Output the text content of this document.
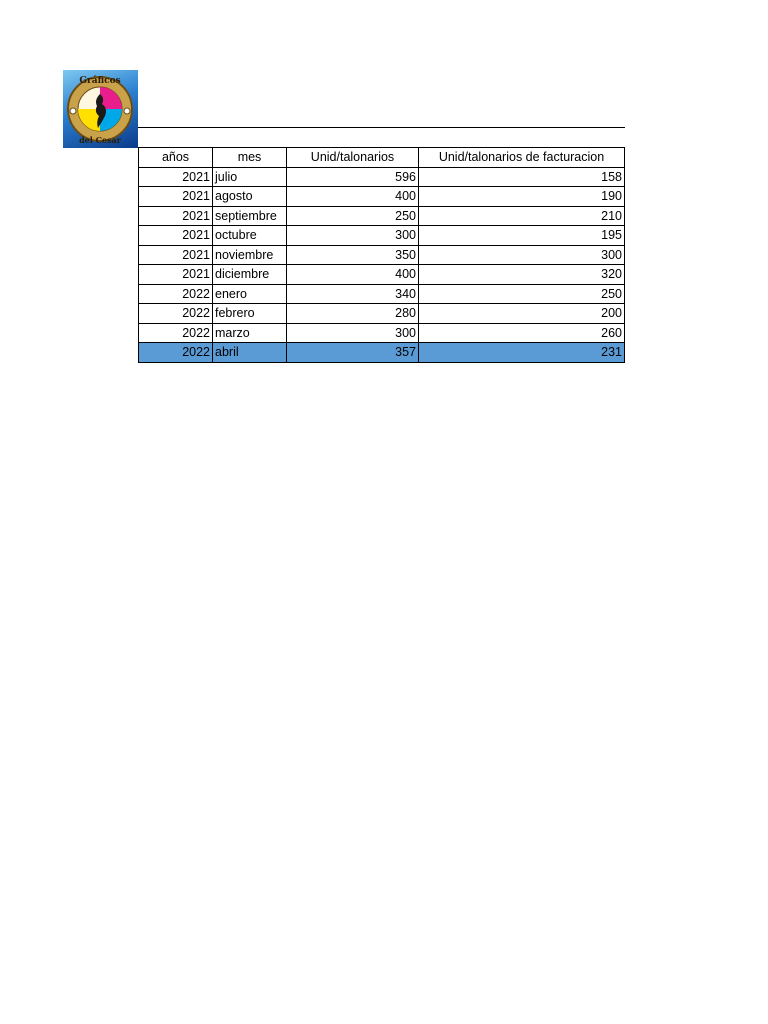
Gráficos
del Cesar
años	mes	Unid/talonarios	Unid/talonarios de facturacion
2021	julio	596	158
2021	agosto	400	190
2021	septiembre	250	210
2021	octubre	300	195
2021	noviembre	350	300
2021	diciembre	400	320
2022	enero	340	250
2022	febrero	280	200
2022	marzo	300	260
2022	abril	357	231
